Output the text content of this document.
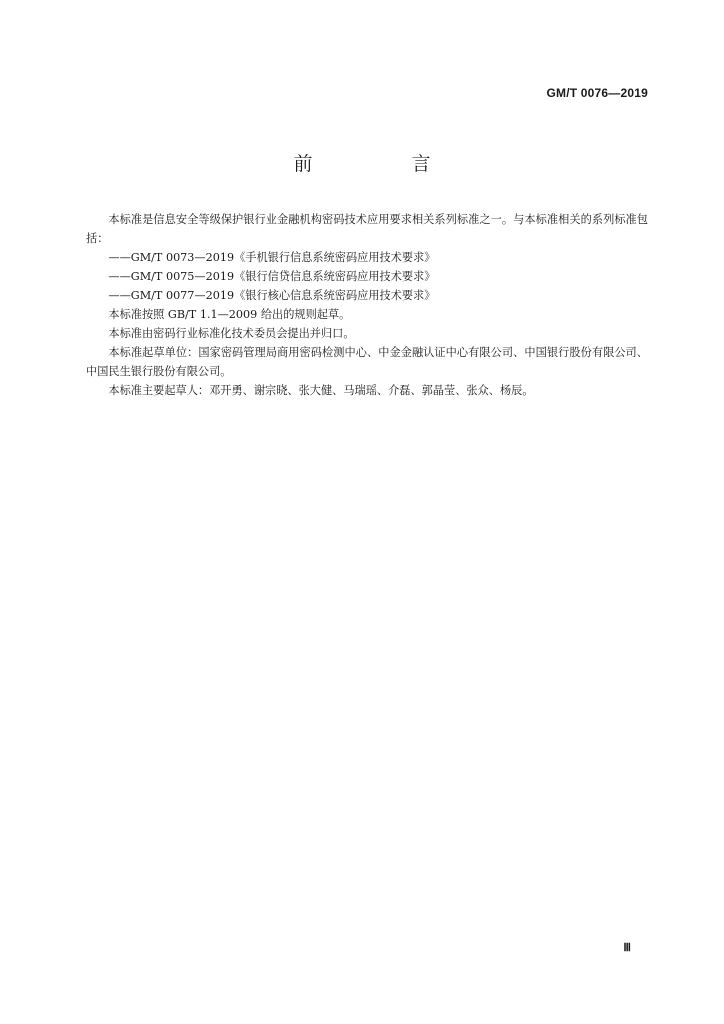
GM/T 0076—2019
前　言

本标准是信息安全等级保护银行业金融机构密码技术应用要求相关系列标准之一。与本标准相关的系列标准包括：

——GM/T 0073—2019《手机银行信息系统密码应用技术要求》
——GM/T 0075—2019《银行信贷信息系统密码应用技术要求》
——GM/T 0077—2019《银行核心信息系统密码应用技术要求》

本标准按照 GB/T 1.1—2009 给出的规则起草。

本标准由密码行业标准化技术委员会提出并归口。

本标准起草单位：国家密码管理局商用密码检测中心、中金金融认证中心有限公司、中国银行股份有限公司、中国民生银行股份有限公司。

本标准主要起草人：邓开勇、谢宗晓、张大健、马瑞瑶、介磊、郭晶莹、张众、杨辰。

Ⅲ
